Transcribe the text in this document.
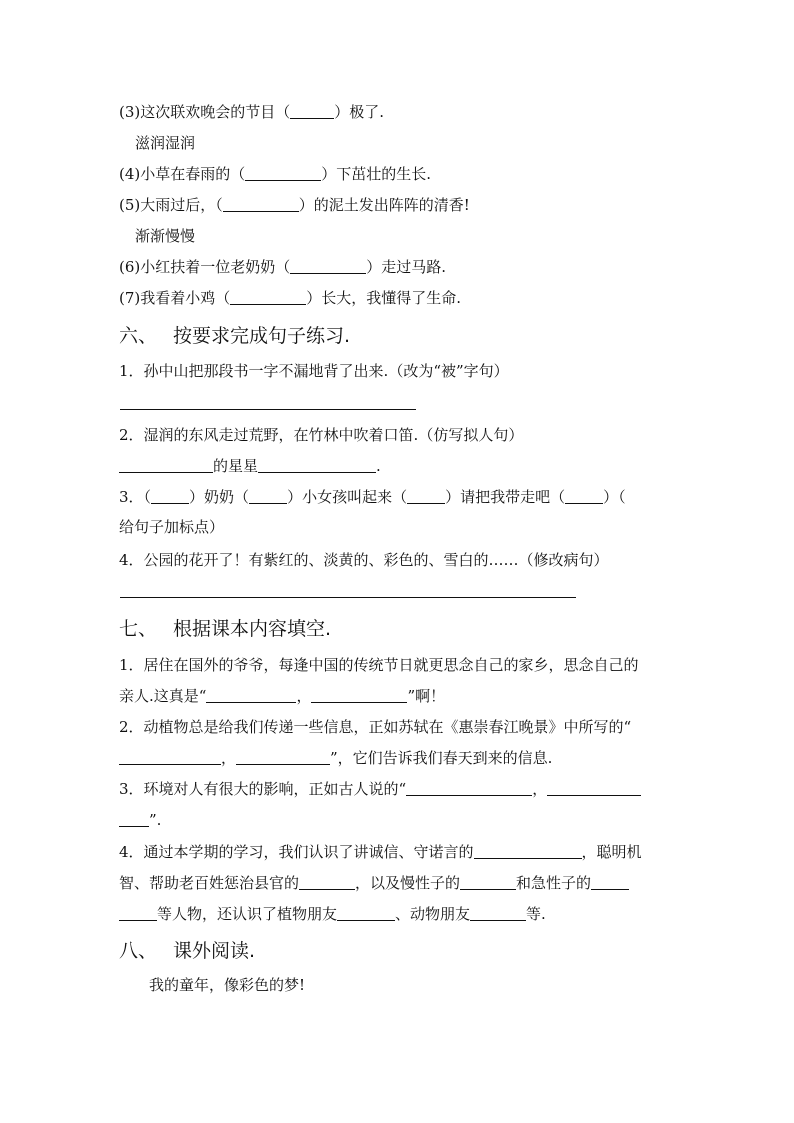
(3)这次联欢晚会的节目（	）极了.
滋润湿润
(4)小草在春雨的（	）下茁壮的生长.
(5)大雨过后，（	）的泥土发出阵阵的清香!
渐渐慢慢
(6)小红扶着一位老奶奶（	）走过马路.
(7)我看着小鸡（	）长大，我懂得了生命.
六、 按要求完成句子练习.
1．孙中山把那段书一字不漏地背了出来.（改为“被”字句）
2．湿润的东风走过荒野，在竹林中吹着口笛.（仿写拟人句）
的星星	.
3．（	）奶奶（	）小女孩叫起来（	）请把我带走吧（	）（
给句子加标点）
4．公园的花开了！有紫红的、淡黄的、彩色的、雪白的……（修改病句）
七、 根据课本内容填空.
1．居住在国外的爷爷，每逢中国的传统节日就更思念自己的家乡，思念自己的
亲人.这真是“	，	”啊！
2．动植物总是给我们传递一些信息，正如苏轼在《惠崇春江晚景》中所写的“
，	”，它们告诉我们春天到来的信息.
3．环境对人有很大的影响，正如古人说的“	，
”.
4．通过本学期的学习，我们认识了讲诚信、守诺言的	，聪明机
智、帮助老百姓惩治县官的	，以及慢性子的	和急性子的
等人物，还认识了植物朋友	、动物朋友	等.
八、 课外阅读.
我的童年，像彩色的梦!
